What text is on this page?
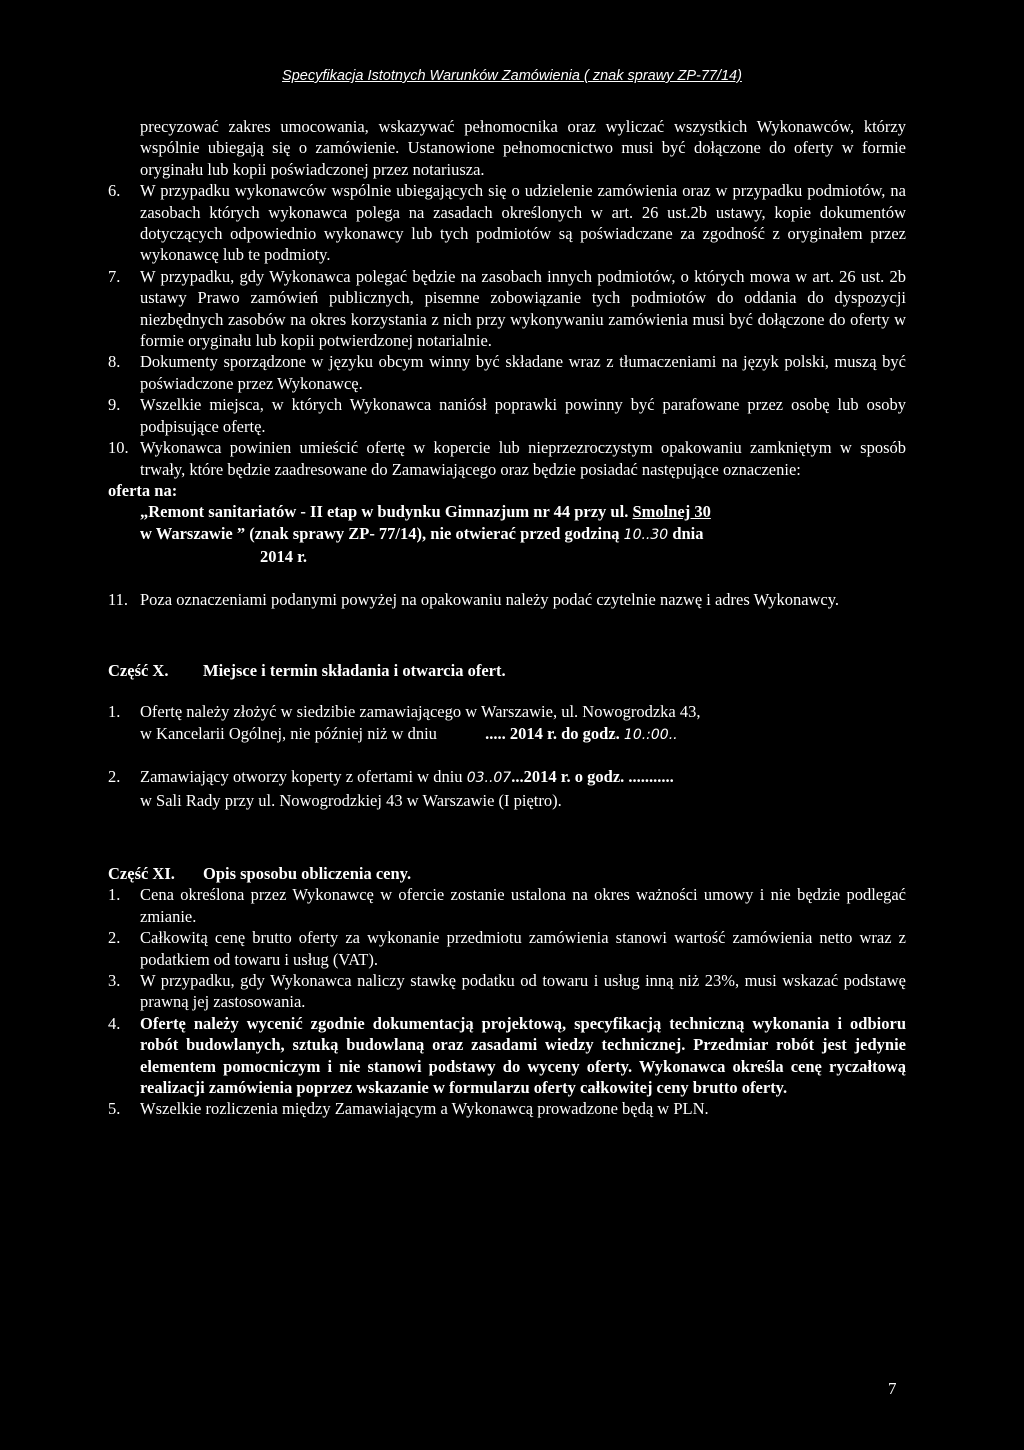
Specyfikacja Istotnych Warunków Zamówienia ( znak sprawy ZP-77/14)
precyzować zakres umocowania, wskazywać pełnomocnika oraz wyliczać wszystkich Wykonawców, którzy wspólnie ubiegają się o zamówienie. Ustanowione pełnomocnictwo musi być dołączone do oferty w formie oryginału lub kopii poświadczonej przez notariusza.
6.	W przypadku wykonawców wspólnie ubiegających się o udzielenie zamówienia oraz w przypadku podmiotów, na zasobach których wykonawca polega na zasadach określonych w art. 26 ust.2b ustawy, kopie dokumentów dotyczących odpowiednio wykonawcy lub tych podmiotów są poświadczane za zgodność z oryginałem przez wykonawcę lub te podmioty.
7.	W przypadku, gdy Wykonawca polegać będzie na zasobach innych podmiotów, o których mowa w art. 26 ust. 2b ustawy Prawo zamówień publicznych, pisemne zobowiązanie tych podmiotów do oddania do dyspozycji niezbędnych zasobów na okres korzystania z nich przy wykonywaniu zamówienia musi być dołączone do oferty w formie oryginału lub kopii potwierdzonej notarialnie.
8.	Dokumenty sporządzone w języku obcym winny być składane wraz z tłumaczeniami na język polski, muszą być poświadczone przez Wykonawcę.
9.	Wszelkie miejsca, w których Wykonawca naniósł poprawki powinny być parafowane przez osobę lub osoby podpisujące ofertę.
10. Wykonawca powinien umieścić ofertę w kopercie lub nieprzezroczystym opakowaniu zamkniętym w sposób trwały, które będzie zaadresowane do Zamawiającego oraz będzie posiadać następujące oznaczenie:
oferta na:
„Remont sanitariatów - II etap w budynku Gimnazjum nr 44 przy ul. Smolnej 30
w Warszawie ” (znak sprawy ZP- 77/14), nie otwierać przed godziną 10..30 dnia
2014 r.
11. Poza oznaczeniami podanymi powyżej na opakowaniu należy podać czytelnie nazwę i adres Wykonawcy.
Część X.	Miejsce i termin składania i otwarcia ofert.
1.	Ofertę należy złożyć w siedzibie zamawiającego w Warszawie, ul. Nowogrodzka 43,
w Kancelarii Ogólnej, nie później niż w dniu	..... 2014 r. do godz. 10.:00..
2.	Zamawiający otworzy koperty z ofertami w dniu 03..07...2014 r. o godz. ...........
w Sali Rady przy ul. Nowogrodzkiej 43 w Warszawie (I piętro).
Część XI.	Opis sposobu obliczenia ceny.
1.	Cena określona przez Wykonawcę w ofercie zostanie ustalona na okres ważności umowy i nie będzie podlegać zmianie.
2.	Całkowitą cenę brutto oferty za wykonanie przedmiotu zamówienia stanowi wartość zamówienia netto wraz z podatkiem od towaru i usług (VAT).
3.	W przypadku, gdy Wykonawca naliczy stawkę podatku od towaru i usług inną niż 23%, musi wskazać podstawę prawną jej zastosowania.
4.	Ofertę należy wycenić zgodnie dokumentacją projektową, specyfikacją techniczną wykonania i odbioru robót budowlanych, sztuką budowlaną oraz zasadami wiedzy technicznej. Przedmiar robót jest jedynie elementem pomocniczym i nie stanowi podstawy do wyceny oferty. Wykonawca określa cenę ryczałtową realizacji zamówienia poprzez wskazanie w formularzu oferty całkowitej ceny brutto oferty.
5.	Wszelkie rozliczenia między Zamawiającym a Wykonawcą prowadzone będą w PLN.
7
